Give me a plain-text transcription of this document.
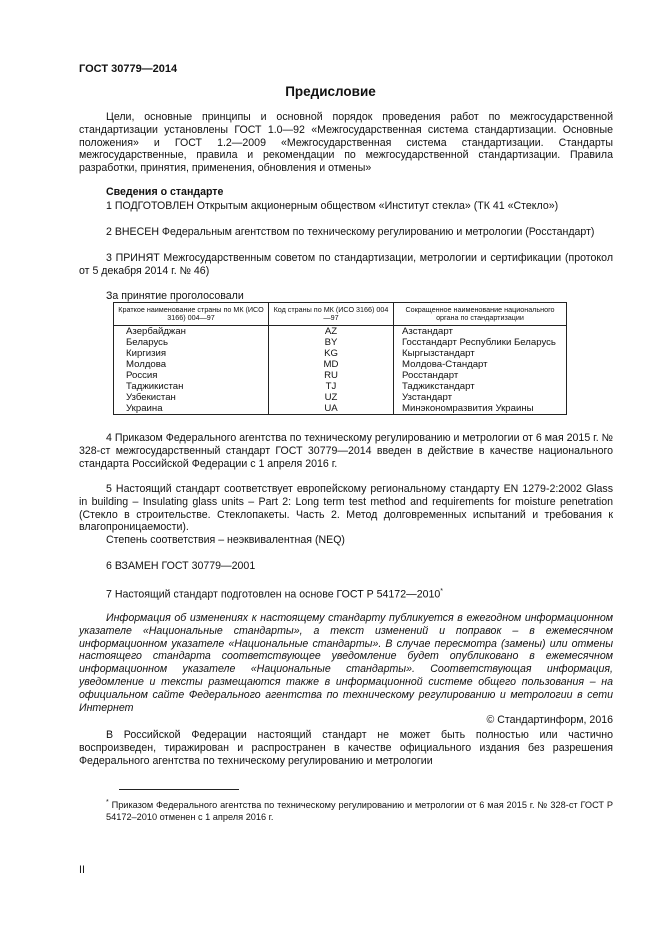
ГОСТ 30779—2014
Предисловие
Цели, основные принципы и основной порядок проведения работ по межгосударственной стандартизации установлены ГОСТ 1.0—92 «Межгосударственная система стандартизации. Основные положения» и ГОСТ 1.2—2009 «Межгосударственная система стандартизации. Стандарты межгосударственные, правила и рекомендации по межгосударственной стандартизации. Правила разработки, принятия, применения, обновления и отмены»
Сведения о стандарте
1 ПОДГОТОВЛЕН Открытым акционерным обществом «Институт стекла» (ТК 41 «Стекло»)
2 ВНЕСЕН Федеральным агентством по техническому регулированию и метрологии (Росстандарт)
3 ПРИНЯТ Межгосударственным советом по стандартизации, метрологии и сертификации (протокол от 5 декабря 2014 г. № 46)
За принятие проголосовали
Краткое наименование страны по МК (ИСО 3166) 004—97	Код страны по МК (ИСО 3166) 004—97	Сокращенное наименование национального органа по стандартизации
Азербайджан	AZ	Азстандарт
Беларусь	BY	Госстандарт Республики Беларусь
Киргизия	KG	Кыргызстандарт
Молдова	MD	Молдова-Стандарт
Россия	RU	Росстандарт
Таджикистан	TJ	Таджикстандарт
Узбекистан	UZ	Узстандарт
Украина	UA	Минэкономразвития Украины
4 Приказом Федерального агентства по техническому регулированию и метрологии от 6 мая 2015 г. № 328-ст межгосударственный стандарт ГОСТ 30779—2014 введен в действие в качестве национального стандарта Российской Федерации с 1 апреля 2016 г.
5 Настоящий стандарт соответствует европейскому региональному стандарту EN 1279-2:2002 Glass in building – Insulating glass units – Part 2: Long term test method and requirements for moisture penetration (Стекло в строительстве. Стеклопакеты. Часть 2. Метод долговременных испытаний и требования к влагопроницаемости).
Степень соответствия – неэквивалентная (NEQ)
6 ВЗАМЕН ГОСТ 30779—2001
7 Настоящий стандарт подготовлен на основе ГОСТ Р 54172—2010*
Информация об изменениях к настоящему стандарту публикуется в ежегодном информационном указателе «Национальные стандарты», а текст изменений и поправок – в ежемесячном информационном указателе «Национальные стандарты». В случае пересмотра (замены) или отмены настоящего стандарта соответствующее уведомление будет опубликовано в ежемесячном информационном указателе «Национальные стандарты». Соответствующая информация, уведомление и тексты размещаются также в информационной системе общего пользования – на официальном сайте Федерального агентства по техническому регулированию и метрологии в сети Интернет
© Стандартинформ, 2016
В Российской Федерации настоящий стандарт не может быть полностью или частично воспроизведен, тиражирован и распространен в качестве официального издания без разрешения Федерального агентства по техническому регулированию и метрологии
* Приказом Федерального агентства по техническому регулированию и метрологии от 6 мая 2015 г. № 328-ст ГОСТ Р 54172–2010 отменен с 1 апреля 2016 г.
II
